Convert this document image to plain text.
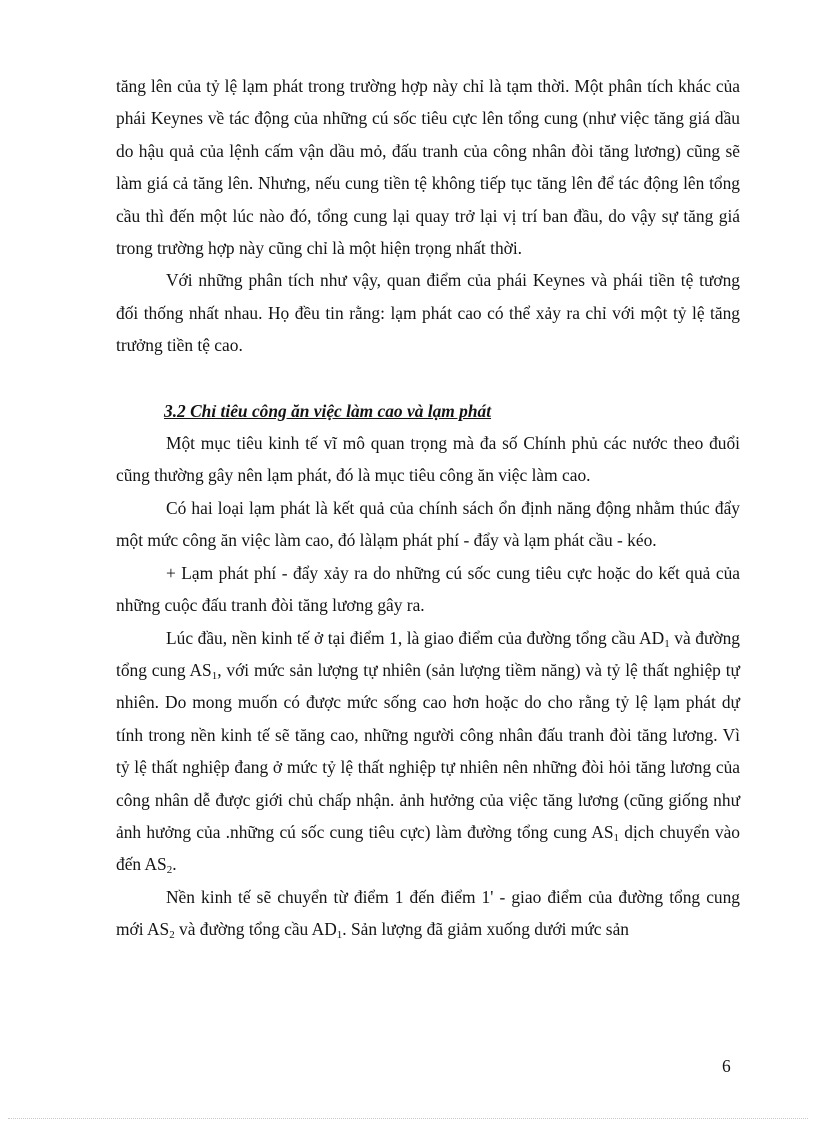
tăng lên của tỷ lệ lạm phát trong trường hợp này chỉ là tạm thời. Một phân tích khác của phái Keynes về tác động của những cú sốc tiêu cực lên tổng cung (như việc tăng giá dầu do hậu quả của lệnh cấm vận dầu mỏ, đấu tranh của công nhân đòi tăng lương) cũng sẽ làm giá cả tăng lên. Nhưng, nếu cung tiền tệ không tiếp tục tăng lên để tác động lên tổng cầu thì đến một lúc nào đó, tổng cung lại quay trở lại vị trí ban đầu, do vậy sự tăng giá trong trường hợp này cũng chỉ là một hiện trọng nhất thời.

Với những phân tích như vậy, quan điểm của phái Keynes và phái tiền tệ tương đối thống nhất nhau. Họ đều tin rằng: lạm phát cao có thể xảy ra chỉ với một tỷ lệ tăng trưởng tiền tệ cao.

3.2 Chỉ tiêu công ăn việc làm cao và lạm phát

Một mục tiêu kinh tế vĩ mô quan trọng mà đa số Chính phủ các nước theo đuổi cũng thường gây nên lạm phát, đó là mục tiêu công ăn việc làm cao.

Có hai loại lạm phát là kết quả của chính sách ổn định năng động nhằm thúc đẩy một mức công ăn việc làm cao, đó làlạm phát phí - đẩy và lạm phát cầu - kéo.

+ Lạm phát phí - đẩy xảy ra do những cú sốc cung tiêu cực hoặc do kết quả của những cuộc đấu tranh đòi tăng lương gây ra.

Lúc đầu, nền kinh tế ở tại điểm 1, là giao điểm của đường tổng cầu $AD_1$ và đường tổng cung $AS_1$, với mức sản lượng tự nhiên (sản lượng tiềm năng) và tỷ lệ thất nghiệp tự nhiên. Do mong muốn có được mức sống cao hơn hoặc do cho rằng tỷ lệ lạm phát dự tính trong nền kinh tế sẽ tăng cao, những người công nhân đấu tranh đòi tăng lương. Vì tỷ lệ thất nghiệp đang ở mức tỷ lệ thất nghiệp tự nhiên nên những đòi hỏi tăng lương của công nhân dễ được giới chủ chấp nhận. ảnh hưởng của việc tăng lương (cũng giống như ảnh hưởng của .những cú sốc cung tiêu cực) làm đường tổng cung $AS_1$ dịch chuyển vào đến $AS_2$.

Nền kinh tế sẽ chuyển từ điểm 1 đến điểm 1' - giao điểm của đường tổng cung mới $AS_2$ và đường tổng cầu $AD_1$. Sản lượng đã giảm xuống dưới mức sản

6
